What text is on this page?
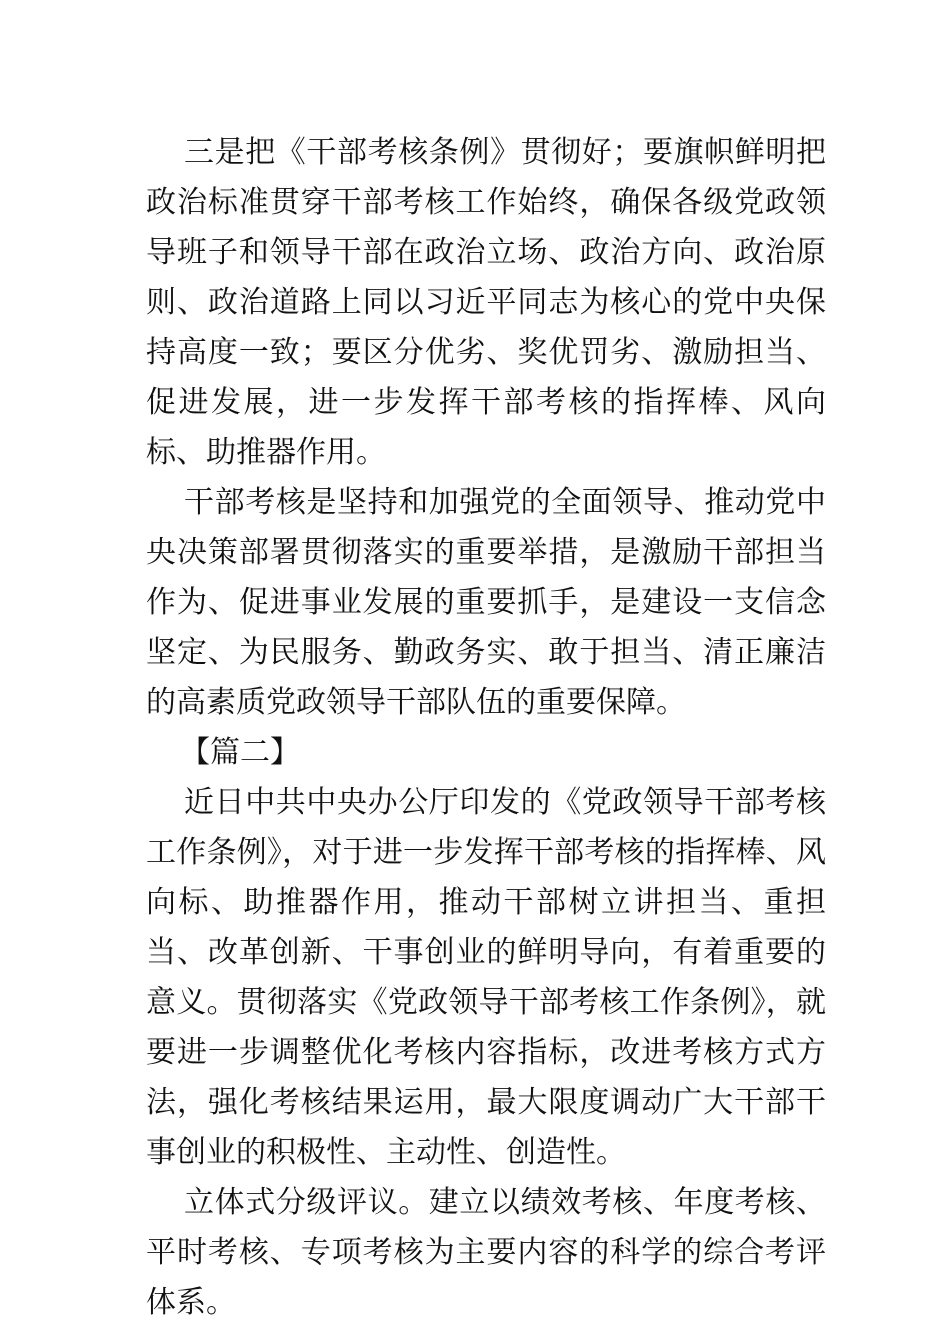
三是把《干部考核条例》贯彻好；要旗帜鲜明把政治标准贯穿干部考核工作始终，确保各级党政领导班子和领导干部在政治立场、政治方向、政治原则、政治道路上同以习近平同志为核心的党中央保持高度一致；要区分优劣、奖优罚劣、激励担当、促进发展，进一步发挥干部考核的指挥棒、风向标、助推器作用。

干部考核是坚持和加强党的全面领导、推动党中央决策部署贯彻落实的重要举措，是激励干部担当作为、促进事业发展的重要抓手，是建设一支信念坚定、为民服务、勤政务实、敢于担当、清正廉洁的高素质党政领导干部队伍的重要保障。

【篇二】

近日中共中央办公厅印发的《党政领导干部考核工作条例》，对于进一步发挥干部考核的指挥棒、风向标、助推器作用，推动干部树立讲担当、重担当、改革创新、干事创业的鲜明导向，有着重要的意义。贯彻落实《党政领导干部考核工作条例》，就要进一步调整优化考核内容指标，改进考核方式方法，强化考核结果运用，最大限度调动广大干部干事创业的积极性、主动性、创造性。

立体式分级评议。建立以绩效考核、年度考核、平时考核、专项考核为主要内容的科学的综合考评体系。
